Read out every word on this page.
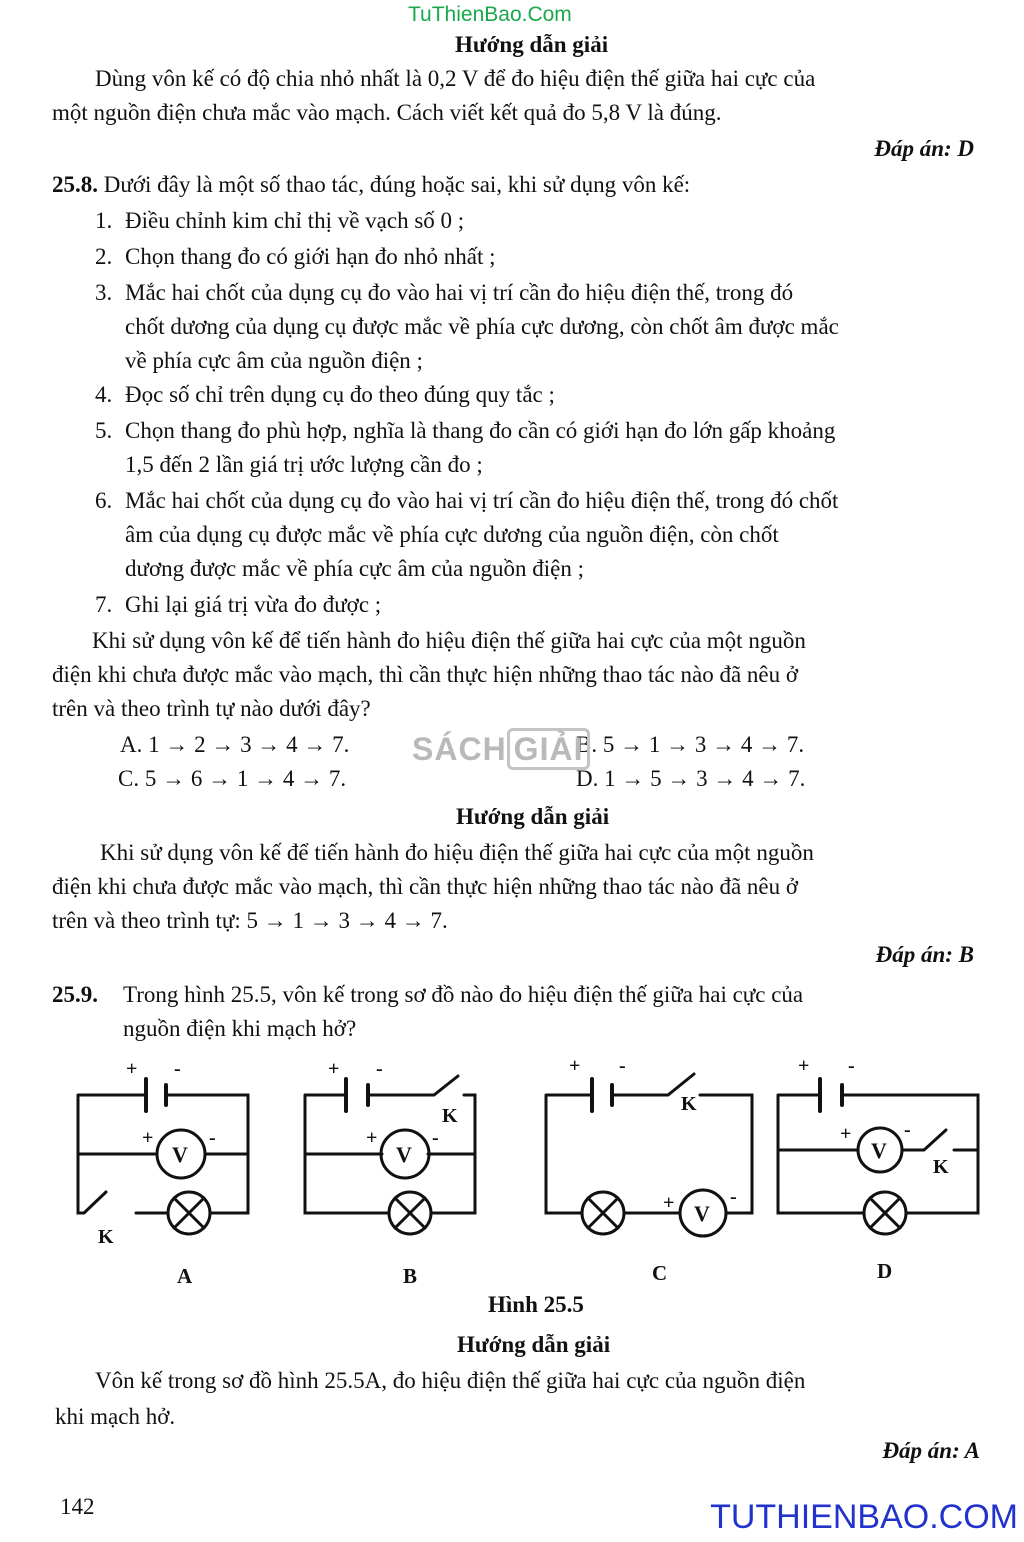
TuThienBao.Com
Hướng dẫn giải
Dùng vôn kế có độ chia nhỏ nhất là 0,2 V để đo hiệu điện thế giữa hai cực của
một nguồn điện chưa mắc vào mạch. Cách viết kết quả đo 5,8 V là đúng.
Đáp án: D
25.8. Dưới đây là một số thao tác, đúng hoặc sai, khi sử dụng vôn kế:
1. Điều chỉnh kim chỉ thị về vạch số 0 ;
2. Chọn thang đo có giới hạn đo nhỏ nhất ;
3. Mắc hai chốt của dụng cụ đo vào hai vị trí cần đo hiệu điện thế, trong đó
chốt dương của dụng cụ được mắc về phía cực dương, còn chốt âm được mắc
về phía cực âm của nguồn điện ;
4. Đọc số chỉ trên dụng cụ đo theo đúng quy tắc ;
5. Chọn thang đo phù hợp, nghĩa là thang đo cần có giới hạn đo lớn gấp khoảng
1,5 đến 2 lần giá trị ước lượng cần đo ;
6. Mắc hai chốt của dụng cụ đo vào hai vị trí cần đo hiệu điện thế, trong đó chốt
âm của dụng cụ được mắc về phía cực dương của nguồn điện, còn chốt
dương được mắc về phía cực âm của nguồn điện ;
7. Ghi lại giá trị vừa đo được ;
Khi sử dụng vôn kế để tiến hành đo hiệu điện thế giữa hai cực của một nguồn
điện khi chưa được mắc vào mạch, thì cần thực hiện những thao tác nào đã nêu ở
trên và theo trình tự nào dưới đây?
A. 1 → 2 → 3 → 4 → 7.	B. 5 → 1 → 3 → 4 → 7.
C. 5 → 6 → 1 → 4 → 7.	D. 1 → 5 → 3 → 4 → 7.
SÁCH GIẢI
Hướng dẫn giải
Khi sử dụng vôn kế để tiến hành đo hiệu điện thế giữa hai cực của một nguồn
điện khi chưa được mắc vào mạch, thì cần thực hiện những thao tác nào đã nêu ở
trên và theo trình tự: 5 → 1 → 3 → 4 → 7.
Đáp án: B
25.9. Trong hình 25.5, vôn kế trong sơ đồ nào đo hiệu điện thế giữa hai cực của
nguồn điện khi mạch hở?
+ -
+	-
V
K
+ -
+	-
V
K
+ -
+	-
V
K
+ -
+	-
V
K
A	B	C	D
Hình 25.5
Hướng dẫn giải
Vôn kế trong sơ đồ hình 25.5A, đo hiệu điện thế giữa hai cực của nguồn điện
khi mạch hở.
Đáp án: A
142	TUTHIENBAO.COM
